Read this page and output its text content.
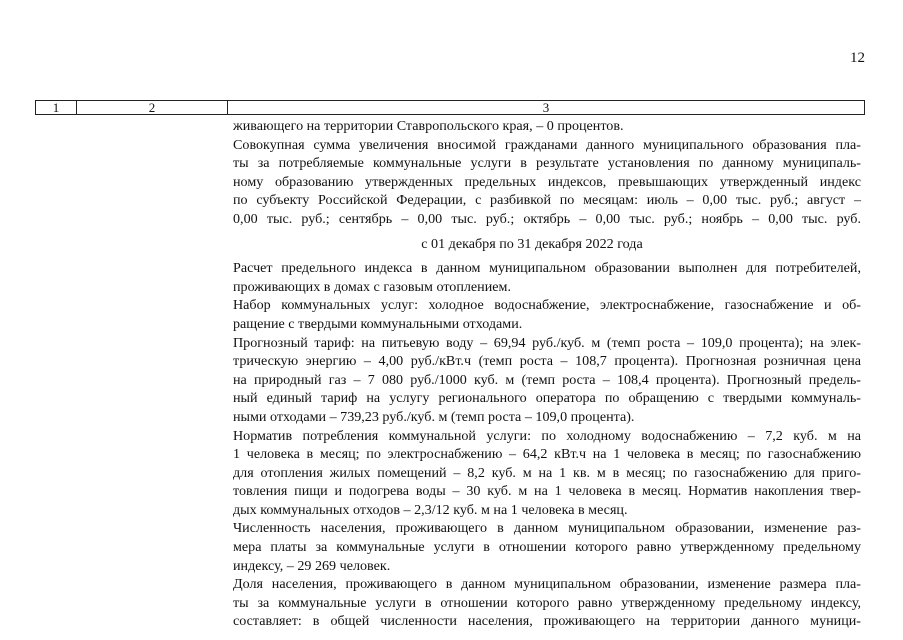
12
1	2	3
живающего на территории Ставропольского края, – 0 процентов.
Совокупная сумма увеличения вносимой гражданами данного муниципального образования пла-
ты за потребляемые коммунальные услуги в результате установления по данному муниципаль-
ному образованию утвержденных предельных индексов, превышающих утвержденный индекс
по субъекту Российской Федерации, с разбивкой по месяцам: июль – 0,00 тыс. руб.; август –
0,00 тыс. руб.; сентябрь – 0,00 тыс. руб.; октябрь – 0,00 тыс. руб.; ноябрь – 0,00 тыс. руб.
с 01 декабря по 31 декабря 2022 года
Расчет предельного индекса в данном муниципальном образовании выполнен для потребителей,
проживающих в домах с газовым отоплением.
Набор коммунальных услуг: холодное водоснабжение, электроснабжение, газоснабжение и об-
ращение с твердыми коммунальными отходами.
Прогнозный тариф: на питьевую воду – 69,94 руб./куб. м (темп роста – 109,0 процента); на элек-
трическую энергию – 4,00 руб./кВт.ч (темп роста – 108,7 процента). Прогнозная розничная цена
на природный газ – 7 080 руб./1000 куб. м (темп роста – 108,4 процента). Прогнозный предель-
ный единый тариф на услугу регионального оператора по обращению с твердыми коммуналь-
ными отходами – 739,23 руб./куб. м (темп роста – 109,0 процента).
Норматив потребления коммунальной услуги: по холодному водоснабжению – 7,2 куб. м на
1 человека в месяц; по электроснабжению – 64,2 кВт.ч на 1 человека в месяц; по газоснабжению
для отопления жилых помещений – 8,2 куб. м на 1 кв. м в месяц; по газоснабжению для приго-
товления пищи и подогрева воды – 30 куб. м на 1 человека в месяц. Норматив накопления твер-
дых коммунальных отходов – 2,3/12 куб. м на 1 человека в месяц.
Численность населения, проживающего в данном муниципальном образовании, изменение раз-
мера платы за коммунальные услуги в отношении которого равно утвержденному предельному
индексу, – 29 269 человек.
Доля населения, проживающего в данном муниципальном образовании, изменение размера пла-
ты за коммунальные услуги в отношении которого равно утвержденному предельному индексу,
составляет: в общей численности населения, проживающего на территории данного муници-
